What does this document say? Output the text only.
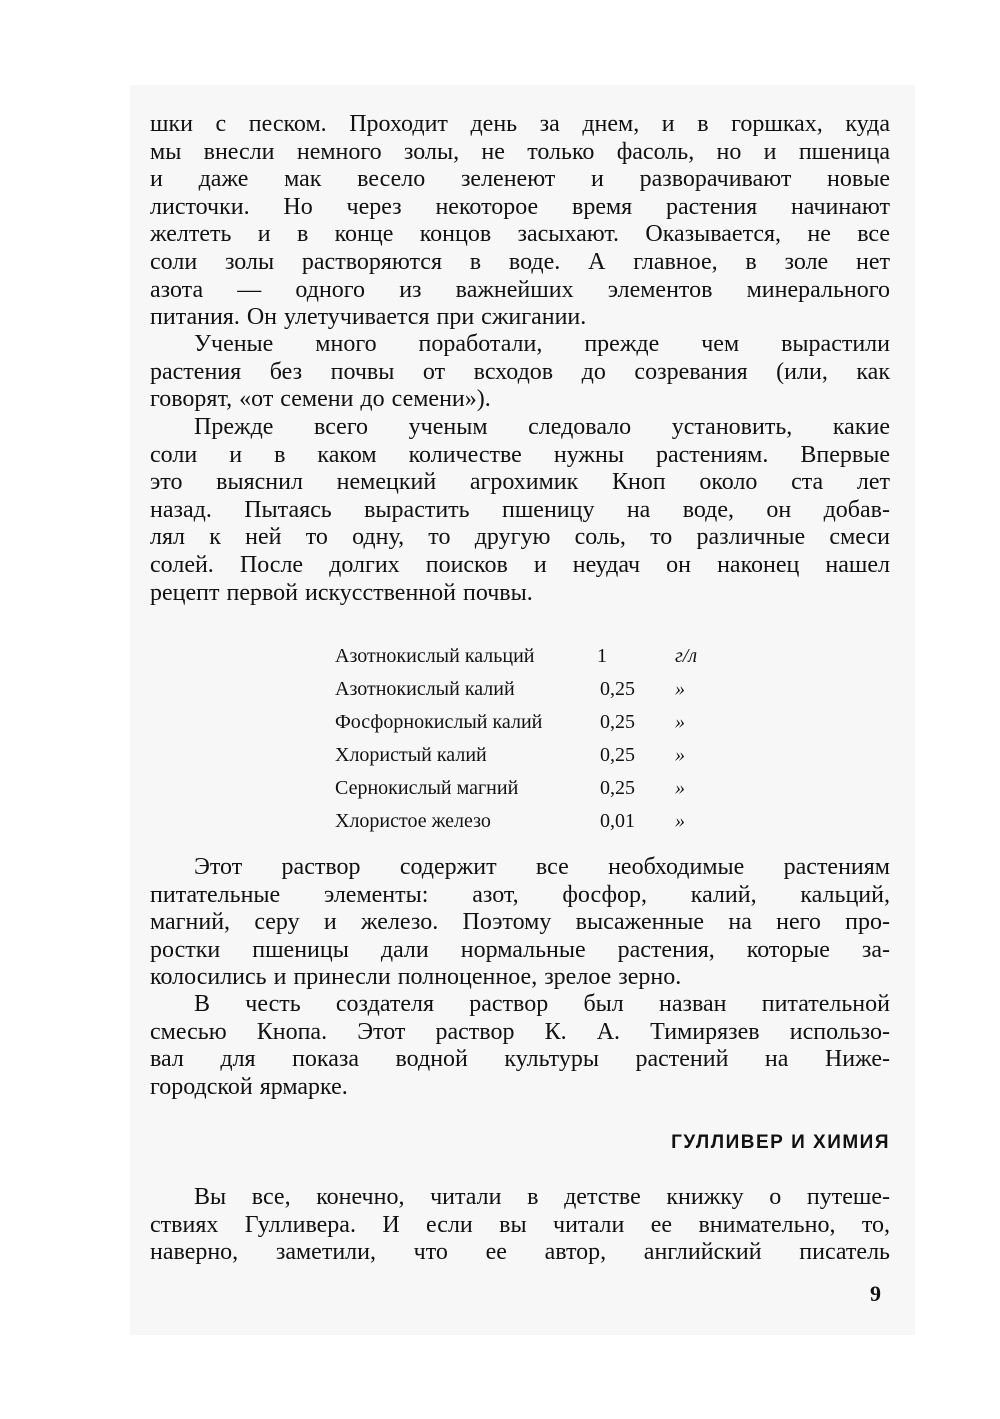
шки с песком. Проходит день за днем, и в горшках, куда
мы внесли немного золы, не только фасоль, но и пшеница
и даже мак весело зеленеют и разворачивают новые
листочки. Но через некоторое время растения начинают
желтеть и в конце концов засыхают. Оказывается, не все
соли золы растворяются в воде. А главное, в золе нет
азота — одного из важнейших элементов минерального
питания. Он улетучивается при сжигании.
Ученые много поработали, прежде чем вырастили
растения без почвы от всходов до созревания (или, как
говорят, «от семени до семени»).
Прежде всего ученым следовало установить, какие
соли и в каком количестве нужны растениям. Впервые
это выяснил немецкий агрохимик Кноп около ста лет
назад. Пытаясь вырастить пшеницу на воде, он добав-
лял к ней то одну, то другую соль, то различные смеси
солей. После долгих поисков и неудач он наконец нашел
рецепт первой искусственной почвы.
Этот раствор содержит все необходимые растениям
питательные элементы: азот, фосфор, калий, кальций,
магний, серу и железо. Поэтому высаженные на него про-
ростки пшеницы дали нормальные растения, которые за-
колосились и принесли полноценное, зрелое зерно.
В честь создателя раствор был назван питательной
смесью Кнопа. Этот раствор К. А. Тимирязев использо-
вал для показа водной культуры растений на Ниже-
городской ярмарке.
Вы все, конечно, читали в детстве книжку о путеше-
ствиях Гулливера. И если вы читали ее внимательно, то,
наверно, заметили, что ее автор, английский писатель
Азотнокислый кальций	1	г/л
Азотнокислый калий	0,25 »
Фосфорнокислый калий	0,25 »
Хлористый калий	0,25 »
Сернокислый магний	0,25 »
Хлористое железо	0,01 »
ГУЛЛИВЕР И ХИМИЯ
9
